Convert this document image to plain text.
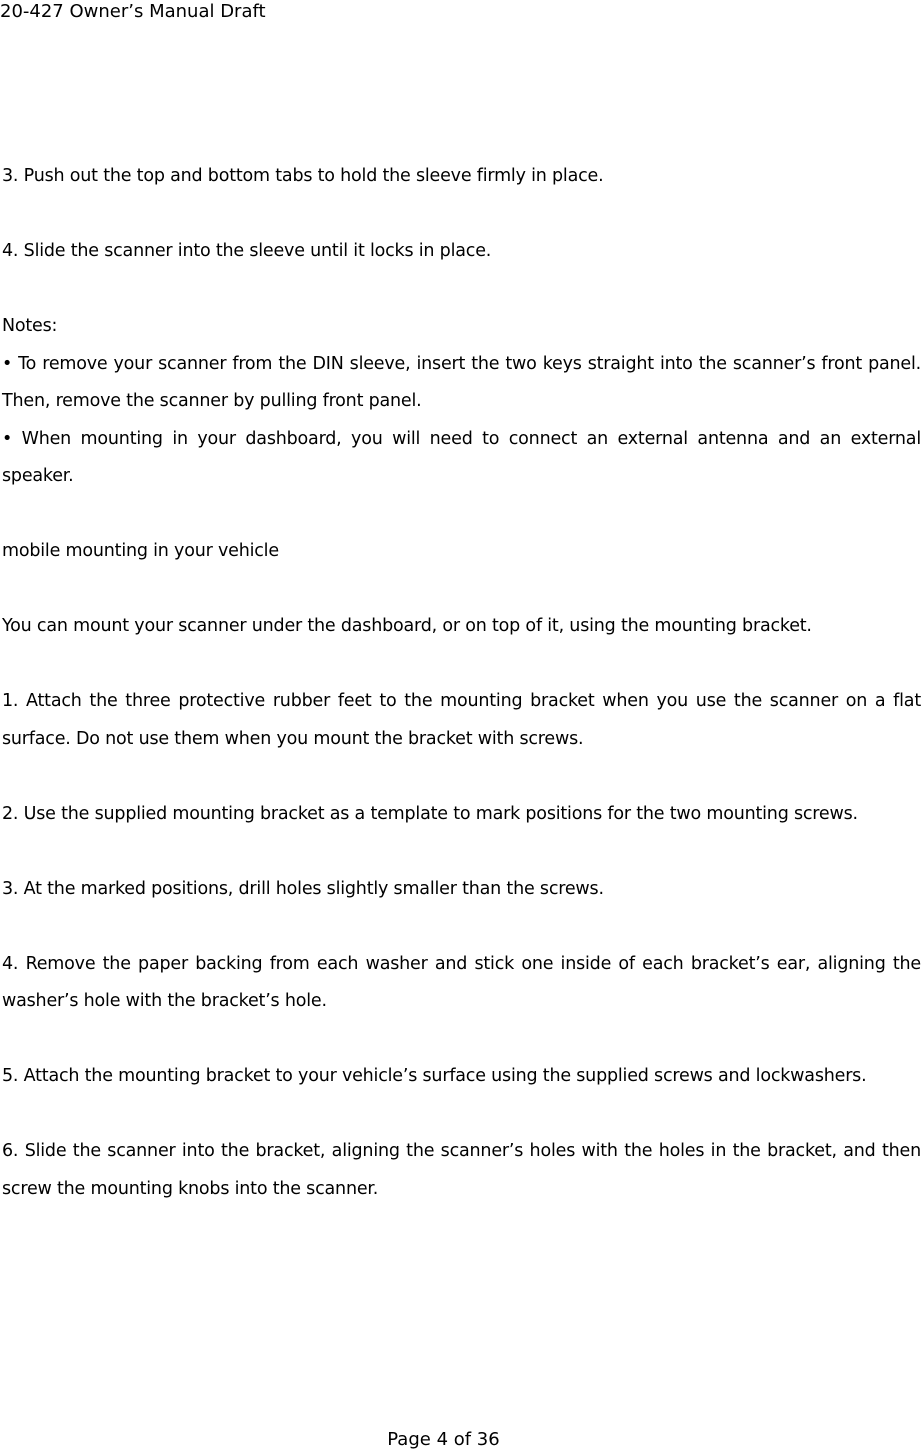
20-427 Owner’s Manual Draft

3. Push out the top and bottom tabs to hold the sleeve firmly in place.

4. Slide the scanner into the sleeve until it locks in place.

Notes:

• To remove your scanner from the DIN sleeve, insert the two keys straight into the scanner’s front panel. Then, remove the scanner by pulling front panel.

• When mounting in your dashboard, you will need to connect an external antenna and an external speaker.

mobile mounting in your vehicle

You can mount your scanner under the dashboard, or on top of it, using the mounting bracket.

1. Attach the three protective rubber feet to the mounting bracket when you use the scanner on a flat surface. Do not use them when you mount the bracket with screws.

2. Use the supplied mounting bracket as a template to mark positions for the two mounting screws.

3. At the marked positions, drill holes slightly smaller than the screws.

4. Remove the paper backing from each washer and stick one inside of each bracket’s ear, aligning the washer’s hole with the bracket’s hole.

5. Attach the mounting bracket to your vehicle’s surface using the supplied screws and lockwashers.

6. Slide the scanner into the bracket, aligning the scanner’s holes with the holes in the bracket, and then screw the mounting knobs into the scanner.

Page 4 of 36
